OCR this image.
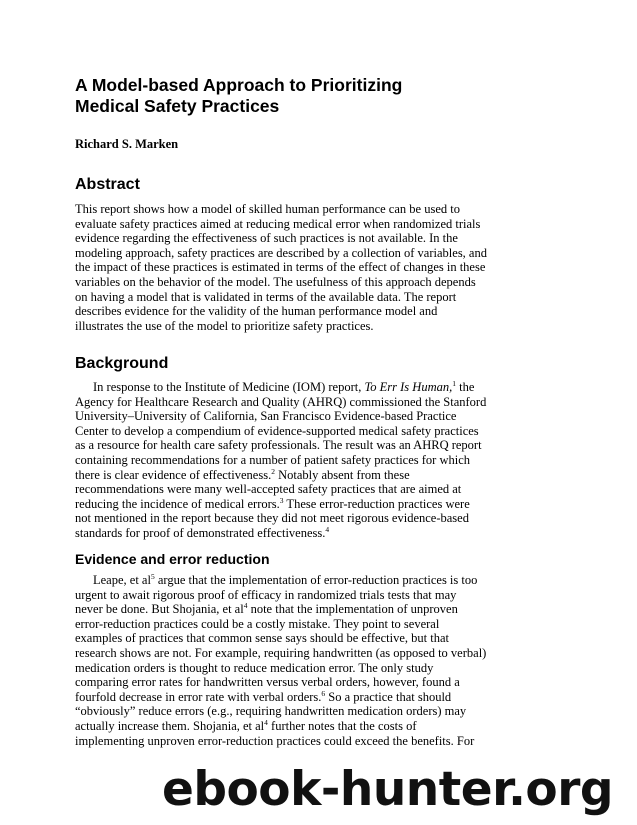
A Model-based Approach to Prioritizing
Medical Safety Practices

Richard S. Marken

Abstract
This report shows how a model of skilled human performance can be used to
evaluate safety practices aimed at reducing medical error when randomized trials
evidence regarding the effectiveness of such practices is not available. In the
modeling approach, safety practices are described by a collection of variables, and
the impact of these practices is estimated in terms of the effect of changes in these
variables on the behavior of the model. The usefulness of this approach depends
on having a model that is validated in terms of the available data. The report
describes evidence for the validity of the human performance model and
illustrates the use of the model to prioritize safety practices.
Background
In response to the Institute of Medicine (IOM) report, To Err Is Human,$^1$ the
Agency for Healthcare Research and Quality (AHRQ) commissioned the Stanford
University–University of California, San Francisco Evidence-based Practice
Center to develop a compendium of evidence-supported medical safety practices
as a resource for health care safety professionals. The result was an AHRQ report
containing recommendations for a number of patient safety practices for which
there is clear evidence of effectiveness.$^2$ Notably absent from these
recommendations were many well-accepted safety practices that are aimed at
reducing the incidence of medical errors.$^3$ These error-reduction practices were
not mentioned in the report because they did not meet rigorous evidence-based
standards for proof of demonstrated effectiveness.$^4$
Evidence and error reduction
Leape, et $al^5$ argue that the implementation of error-reduction practices is too
urgent to await rigorous proof of efficacy in randomized trials tests that may
never be done. But Shojania, et $al^4$ note that the implementation of unproven
error-reduction practices could be a costly mistake. They point to several
examples of practices that common sense says should be effective, but that
research shows are not. For example, requiring handwritten (as opposed to verbal)
medication orders is thought to reduce medication error. The only study
comparing error rates for handwritten versus verbal orders, however, found a
fourfold decrease in error rate with verbal orders.$^6$ So a practice that should
“obviously” reduce errors (e.g., requiring handwritten medication orders) may
actually increase them. Shojania, et $al^4$ further notes that the costs of
implementing unproven error-reduction practices could exceed the benefits. For
ebook-hunter.org
